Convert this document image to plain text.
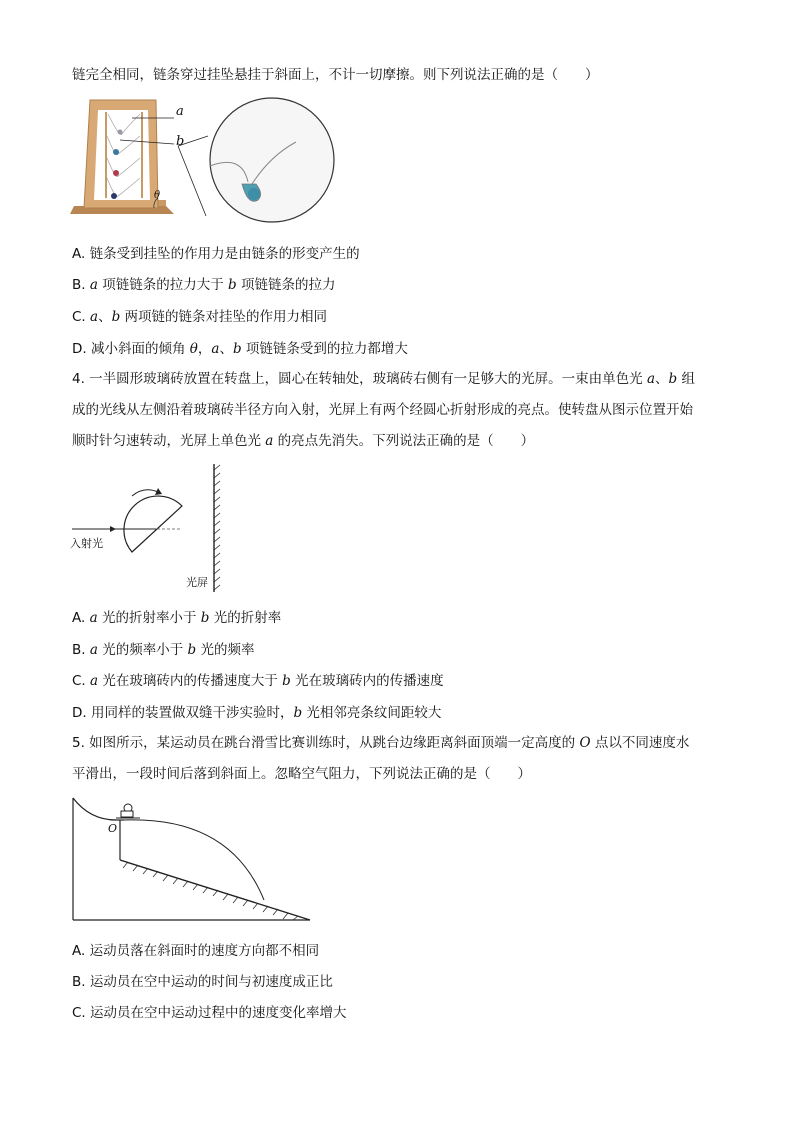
链完全相同，链条穿过挂坠悬挂于斜面上，不计一切摩擦。则下列说法正确的是（　　）
a
b
θ
A. 链条受到挂坠的作用力是由链条的形变产生的
B. a 项链链条的拉力大于 b 项链链条的拉力
C. a、b 两项链的链条对挂坠的作用力相同
D. 减小斜面的倾角 θ，a、b 项链链条受到的拉力都增大
4. 一半圆形玻璃砖放置在转盘上，圆心在转轴处，玻璃砖右侧有一足够大的光屏。一束由单色光 a、b 组
成的光线从左侧沿着玻璃砖半径方向入射，光屏上有两个经圆心折射形成的亮点。使转盘从图示位置开始
顺时针匀速转动，光屏上单色光 a 的亮点先消失。下列说法正确的是（　　）
入射光
光屏
A. a 光的折射率小于 b 光的折射率
B. a 光的频率小于 b 光的频率
C. a 光在玻璃砖内的传播速度大于 b 光在玻璃砖内的传播速度
D. 用同样的装置做双缝干涉实验时，b 光相邻亮条纹间距较大
5. 如图所示，某运动员在跳台滑雪比赛训练时，从跳台边缘距离斜面顶端一定高度的 O 点以不同速度水
平滑出，一段时间后落到斜面上。忽略空气阻力，下列说法正确的是（　　）
O
A. 运动员落在斜面时的速度方向都不相同
B. 运动员在空中运动的时间与初速度成正比
C. 运动员在空中运动过程中的速度变化率增大
